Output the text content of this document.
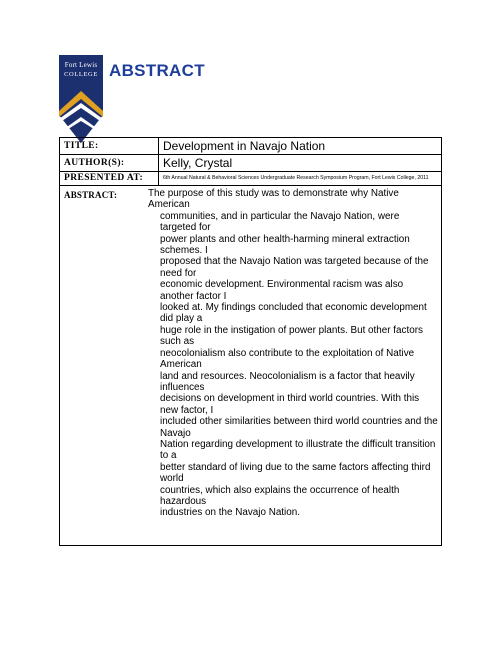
Fort Lewis
COLLEGE ABSTRACT
TITLE:	Development in Navajo Nation
AUTHOR(S):	Kelly, Crystal
PRESENTED AT:	6th Annual Natural & Behavioral Sciences Undergraduate Research Symposium Program, Fort Lewis College, 2011
ABSTRACT:	The purpose of this study was to demonstrate why Native American
communities, and in particular the Navajo Nation, were targeted for
power plants and other health-harming mineral extraction schemes. I
proposed that the Navajo Nation was targeted because of the need for
economic development. Environmental racism was also another factor I
looked at. My findings concluded that economic development did play a
huge role in the instigation of power plants. But other factors such as
neocolonialism also contribute to the exploitation of Native American
land and resources. Neocolonialism is a factor that heavily influences
decisions on development in third world countries. With this new factor, I
included other similarities between third world countries and the Navajo
Nation regarding development to illustrate the difficult transition to a
better standard of living due to the same factors affecting third world
countries, which also explains the occurrence of health hazardous
industries on the Navajo Nation.
